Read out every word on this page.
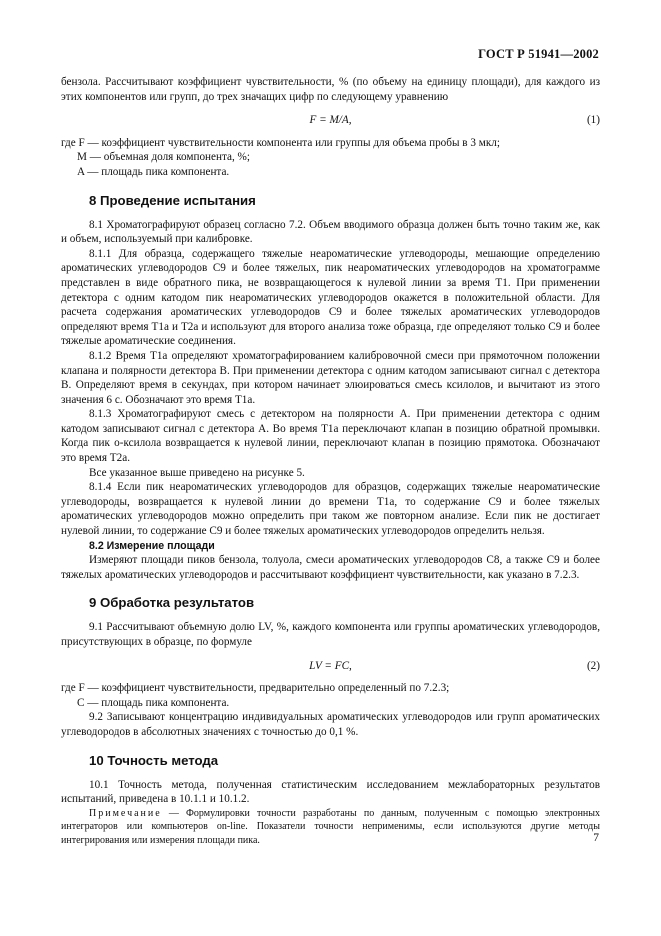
ГОСТ Р 51941—2002

бензола. Рассчитывают коэффициент чувствительности, % (по объему на единицу площади), для каждого из этих компонентов или групп, до трех значащих цифр по следующему уравнению

F = M/A,	(1)

где F — коэффициент чувствительности компонента или группы для объема пробы в 3 мкл;

M — объемная доля компонента, %;

A — площадь пика компонента.

8 Проведение испытания

8.1 Хроматографируют образец согласно 7.2. Объем вводимого образца должен быть точно таким же, как и объем, используемый при калибровке.

8.1.1 Для образца, содержащего тяжелые неароматические углеводороды, мешающие определению ароматических углеводородов C9 и более тяжелых, пик неароматических углеводородов на хроматограмме представлен в виде обратного пика, не возвращающегося к нулевой линии за время T1. При применении детектора с одним катодом пик неароматических углеводородов окажется в положительной области. Для расчета содержания ароматических углеводородов C9 и более тяжелых ароматических углеводородов определяют время T1а и T2а и используют для второго анализа тоже образца, где определяют только C9 и более тяжелые ароматические соединения.

8.1.2 Время T1а определяют хроматографированием калибровочной смеси при прямоточном положении клапана и полярности детектора В. При применении детектора с одним катодом записывают сигнал с детектора В. Определяют время в секундах, при котором начинает элюироваться смесь ксилолов, и вычитают из этого значения 6 с. Обозначают это время T1а.

8.1.3 Хроматографируют смесь с детектором на полярности А. При применении детектора с одним катодом записывают сигнал с детектора А. Во время T1а переключают клапан в позицию обратной промывки. Когда пик о-ксилола возвращается к нулевой линии, переключают клапан в позицию прямотока. Обозначают это время T2а.

Все указанное выше приведено на рисунке 5.

8.1.4 Если пик неароматических углеводородов для образцов, содержащих тяжелые неароматические углеводороды, возвращается к нулевой линии до времени T1а, то содержание C9 и более тяжелых ароматических углеводородов можно определить при таком же повторном анализе. Если пик не достигает нулевой линии, то содержание C9 и более тяжелых ароматических углеводородов определить нельзя.

8.2 Измерение площади

Измеряют площади пиков бензола, толуола, смеси ароматических углеводородов C8, а также C9 и более тяжелых ароматических углеводородов и рассчитывают коэффициент чувствительности, как указано в 7.2.3.

9 Обработка результатов

9.1 Рассчитывают объемную долю LV, %, каждого компонента или группы ароматических углеводородов, присутствующих в образце, по формуле

LV = FC,	(2)

где F — коэффициент чувствительности, предварительно определенный по 7.2.3;

C — площадь пика компонента.

9.2 Записывают концентрацию индивидуальных ароматических углеводородов или групп ароматических углеводородов в абсолютных значениях с точностью до 0,1 %.

10 Точность метода

10.1 Точность метода, полученная статистическим исследованием межлабораторных результатов испытаний, приведена в 10.1.1 и 10.1.2.

Примечание — Формулировки точности разработаны по данным, полученным с помощью электронных интеграторов или компьютеров on-line. Показатели точности неприменимы, если используются другие методы интегрирования или измерения площади пика.	7
